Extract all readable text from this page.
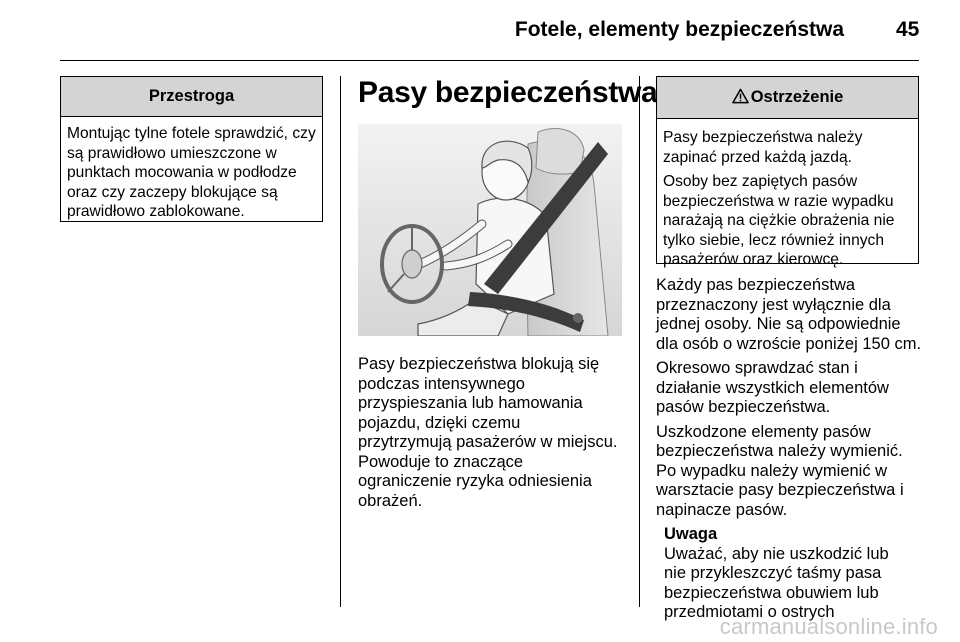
Fotele, elementy bezpieczeństwa 45
Przestroga
Montując tylne fotele sprawdzić, czy są prawidłowo umieszczone w punktach mocowania w podłodze oraz czy zaczepy blokujące są prawidłowo zablokowane.
Pasy bezpieczeństwa

Pasy bezpieczeństwa blokują się podczas intensywnego przyspieszania lub hamowania pojazdu, dzięki czemu przytrzymują pasażerów w miejscu. Powoduje to znaczące ograniczenie ryzyka odniesienia obrażeń.

Ostrzeżenie

Pasy bezpieczeństwa należy zapinać przed każdą jazdą.

Osoby bez zapiętych pasów bezpieczeństwa w razie wypadku narażają na ciężkie obrażenia nie tylko siebie, lecz również innych pasażerów oraz kierowcę.

Każdy pas bezpieczeństwa przeznaczony jest wyłącznie dla jednej osoby. Nie są odpowiednie dla osób o wzroście poniżej 150 cm.

Okresowo sprawdzać stan i działanie wszystkich elementów pasów bezpieczeństwa.

Uszkodzone elementy pasów bezpieczeństwa należy wymienić. Po wypadku należy wymienić w warsztacie pasy bezpieczeństwa i napinacze pasów.

Uwaga
Uważać, aby nie uszkodzić lub nie przykleszczyć taśmy pasa bezpieczeństwa obuwiem lub przedmiotami o ostrych
carmanualsonline.info
